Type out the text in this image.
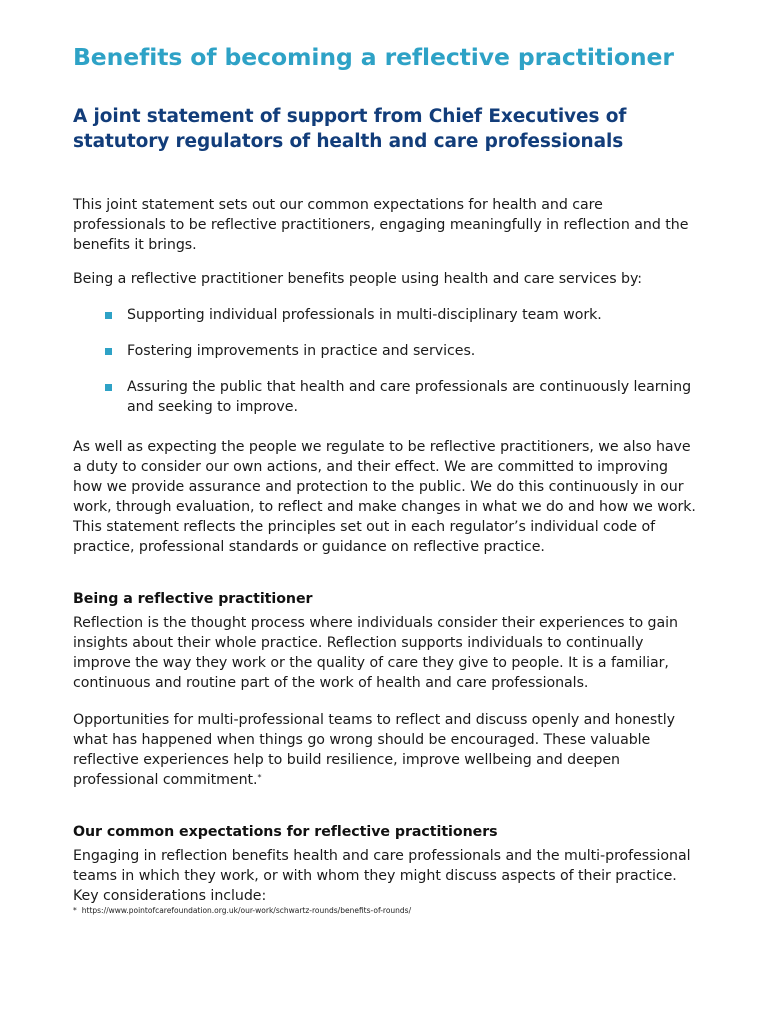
Benefits of becoming a reflective practitioner
A joint statement of support from Chief Executives of statutory regulators of health and care professionals

This joint statement sets out our common expectations for health and care professionals to be reflective practitioners, engaging meaningfully in reflection and the benefits it brings.

Being a reflective practitioner benefits people using health and care services by:

Supporting individual professionals in multi-disciplinary team work.
Fostering improvements in practice and services.
Assuring the public that health and care professionals are continuously learning and seeking to improve.

As well as expecting the people we regulate to be reflective practitioners, we also have a duty to consider our own actions, and their effect. We are committed to improving how we provide assurance and protection to the public. We do this continuously in our work, through evaluation, to reflect and make changes in what we do and how we work. This statement reflects the principles set out in each regulator’s individual code of practice, professional standards or guidance on reflective practice.

Being a reflective practitioner

Reflection is the thought process where individuals consider their experiences to gain insights about their whole practice. Reflection supports individuals to continually improve the way they work or the quality of care they give to people. It is a familiar, continuous and routine part of the work of health and care professionals.

Opportunities for multi-professional teams to reflect and discuss openly and honestly what has happened when things go wrong should be encouraged. These valuable reflective experiences help to build resilience, improve wellbeing and deepen professional commitment.*

Our common expectations for reflective practitioners

Engaging in reflection benefits health and care professionals and the multi-professional teams in which they work, or with whom they might discuss aspects of their practice. Key considerations include:

* https://www.pointofcarefoundation.org.uk/our-work/schwartz-rounds/benefits-of-rounds/
